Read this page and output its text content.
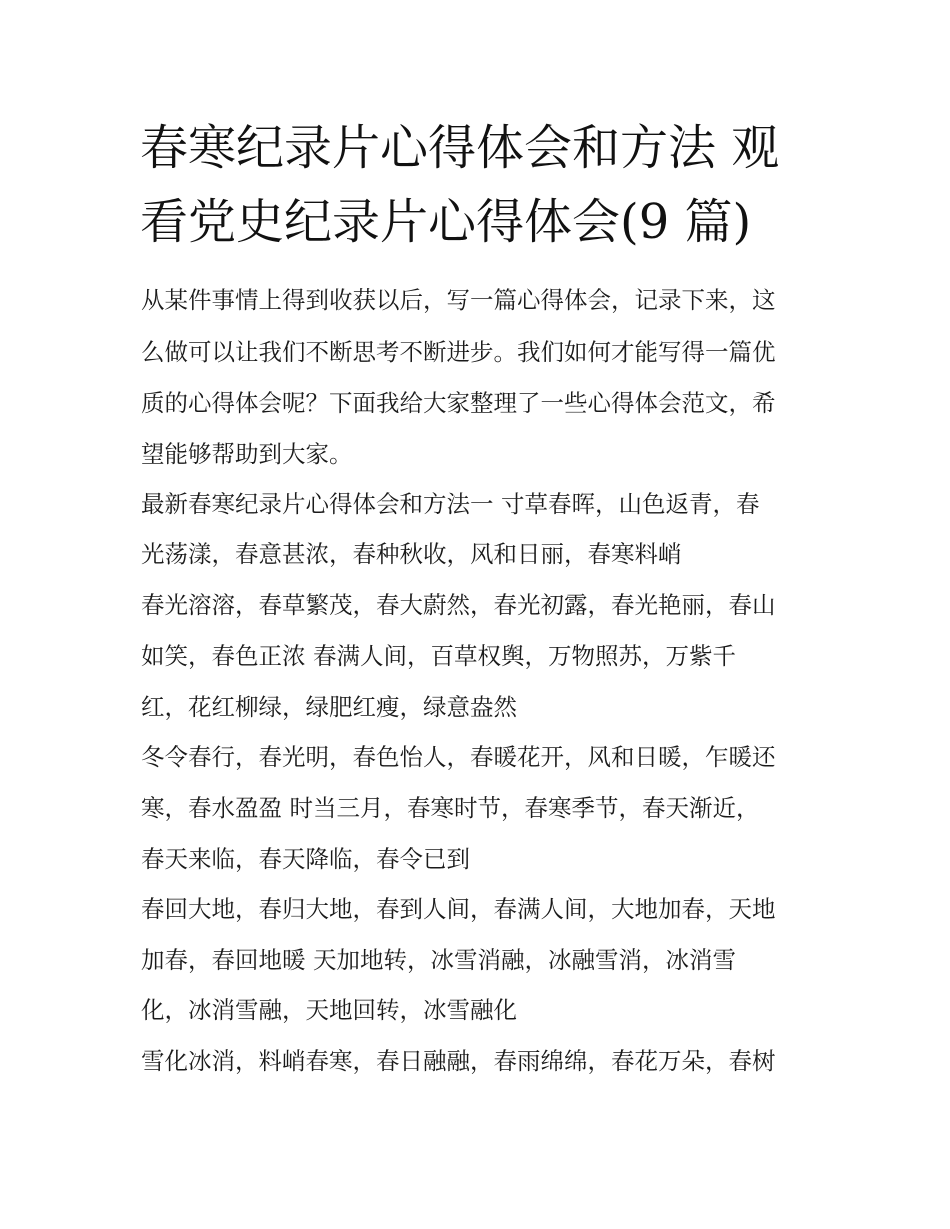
春寒纪录片心得体会和方法 观
看党史纪录片心得体会(9 篇)

从某件事情上得到收获以后，写一篇心得体会，记录下来，这

么做可以让我们不断思考不断进步。我们如何才能写得一篇优

质的心得体会呢？下面我给大家整理了一些心得体会范文，希

望能够帮助到大家。

最新春寒纪录片心得体会和方法一 寸草春晖，山色返青，春

光荡漾，春意甚浓，春种秋收，风和日丽，春寒料峭

春光溶溶，春草繁茂，春大蔚然，春光初露，春光艳丽，春山

如笑，春色正浓 春满人间，百草权舆，万物照苏，万紫千

红，花红柳绿，绿肥红瘦，绿意盎然

冬令春行，春光明，春色怡人，春暖花开，风和日暖，乍暖还

寒，春水盈盈 时当三月，春寒时节，春寒季节，春天渐近，

春天来临，春天降临，春令已到

春回大地，春归大地，春到人间，春满人间，大地加春，天地

加春，春回地暖 天加地转，冰雪消融，冰融雪消，冰消雪

化，冰消雪融，天地回转，冰雪融化

雪化冰消，料峭春寒，春日融融，春雨绵绵，春花万朵，春树
